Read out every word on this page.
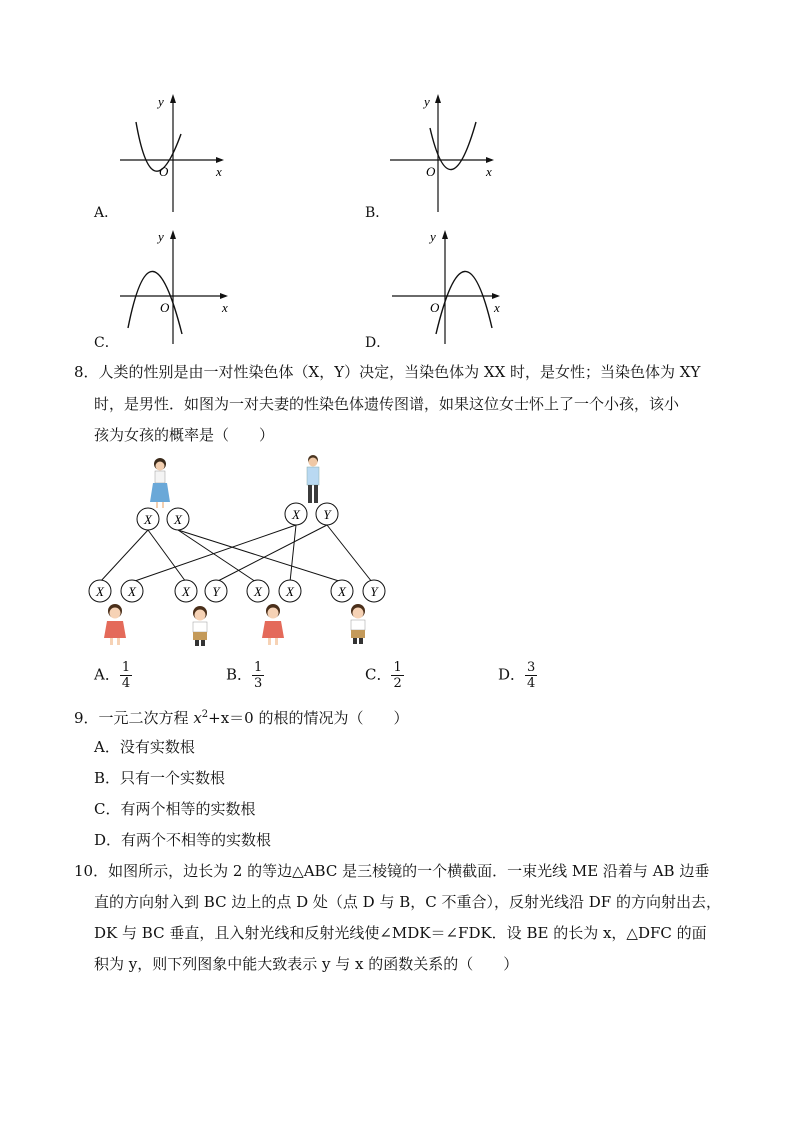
y
x
O
A．
y
x
O
B．
y
x
O
C．
y
x
O
D．
8．人类的性别是由一对性染色体（X，Y）决定，当染色体为 XX 时，是女性；当染色体为 XY
时，是男性．如图为一对夫妻的性染色体遗传图谱，如果这位女士怀上了一个小孩，该小
孩为女孩的概率是（　　）
X X	X Y
X X	X Y	X X	X Y
A． $\frac{1}{4}$	B． $\frac{1}{3}$	C． $\frac{1}{2}$	D． $\frac{3}{4}$
9．一元二次方程 $x^2+x=0$ 的根的情况为（　　）
A．没有实数根
B．只有一个实数根
C．有两个相等的实数根
D．有两个不相等的实数根
10．如图所示，边长为 2 的等边△ABC 是三棱镜的一个横截面．一束光线 ME 沿着与 AB 边垂
直的方向射入到 BC 边上的点 D 处（点 D 与 B，C 不重合），反射光线沿 DF 的方向射出去，
DK 与 BC 垂直，且入射光线和反射光线使∠MDK＝∠FDK．设 BE 的长为 x，△DFC 的面
积为 y，则下列图象中能大致表示 y 与 x 的函数关系的（　　）
